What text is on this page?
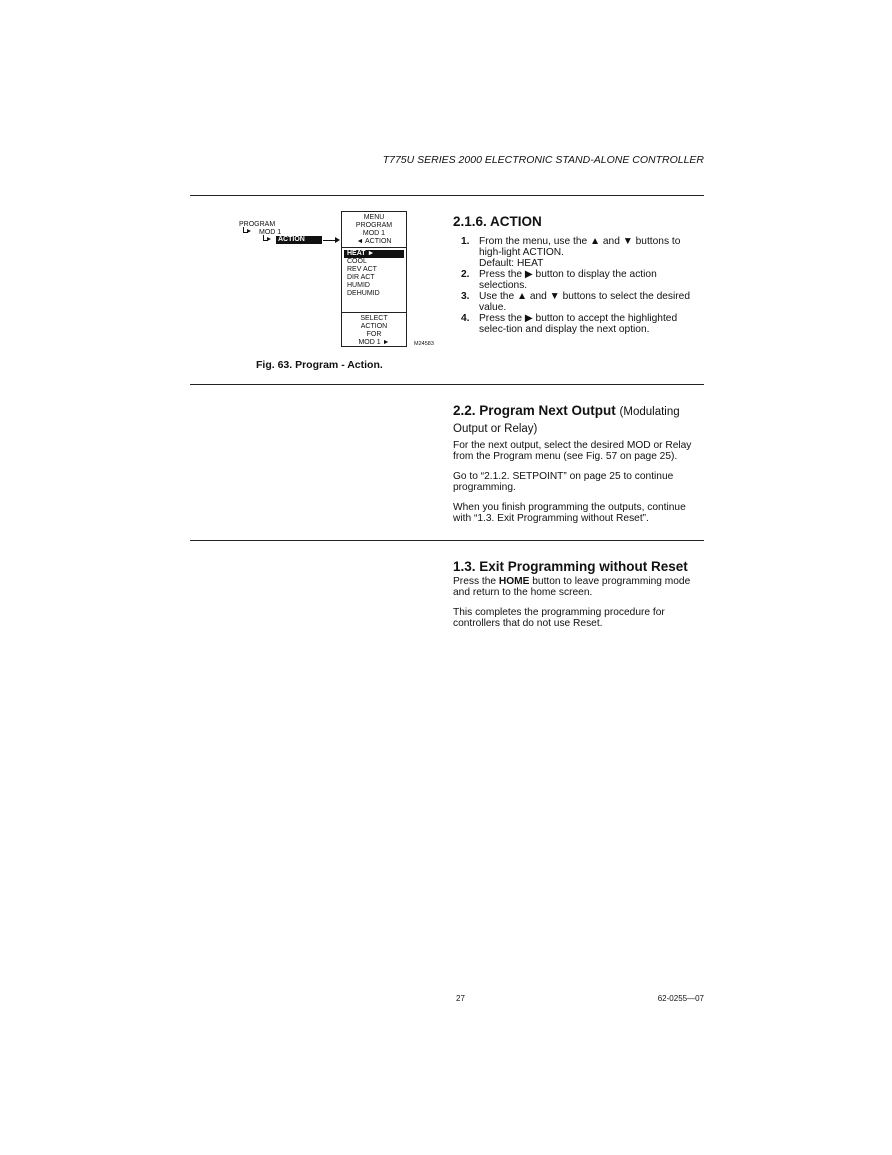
T775U SERIES 2000 ELECTRONIC STAND-ALONE CONTROLLER
PROGRAM
MOD 1
ACTION
MENU
PROGRAM
MOD 1
◄ ACTION
HEAT ►
COOL
REV ACT
DIR ACT
HUMID
DEHUMID
SELECT
ACTION
FOR
MOD 1 ►	M24583
Fig. 63. Program - Action.
2.1.6. ACTION
1. From the menu, use the ▲ and ▼ buttons to high-light ACTION.
Default: HEAT
2. Press the ▶ button to display the action selections.
3. Use the ▲ and ▼ buttons to select the desired value.
4. Press the ▶ button to accept the highlighted selec-tion and display the next option.
2.2. Program Next Output (Modulating Output or Relay)

For the next output, select the desired MOD or Relay from the Program menu (see Fig. 57 on page 25).

Go to “2.1.2. SETPOINT” on page 25 to continue programming.

When you finish programming the outputs, continue with “1.3. Exit Programming without Reset”.

1.3. Exit Programming without Reset

Press the HOME button to leave programming mode and return to the home screen.

This completes the programming procedure for controllers that do not use Reset.

27	62-0255—07
